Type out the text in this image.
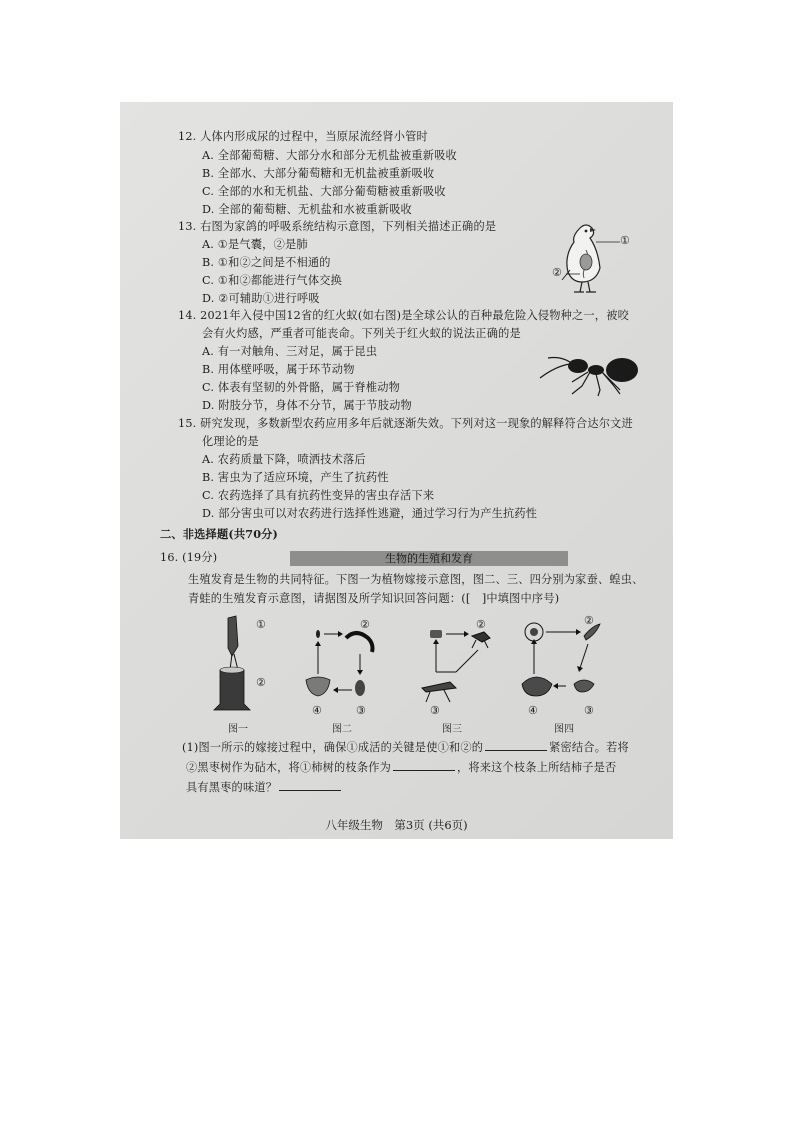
12. 人体内形成尿的过程中，当原尿流经肾小管时
A. 全部葡萄糖、大部分水和部分无机盐被重新吸收
B. 全部水、大部分葡萄糖和无机盐被重新吸收
C. 全部的水和无机盐、大部分葡萄糖被重新吸收
D. 全部的葡萄糖、无机盐和水被重新吸收
13. 右图为家鸽的呼吸系统结构示意图，下列相关描述正确的是
A. ①是气囊，②是肺
B. ①和②之间是不相通的
C. ①和②都能进行气体交换
D. ②可辅助①进行呼吸
①
②
14. 2021年入侵中国12省的红火蚁(如右图)是全球公认的百种最危险入侵物种之一，被咬
会有火灼感，严重者可能丧命。下列关于红火蚁的说法正确的是
A. 有一对触角、三对足，属于昆虫
B. 用体壁呼吸，属于环节动物
C. 体表有坚韧的外骨骼，属于脊椎动物
D. 附肢分节，身体不分节，属于节肢动物
15. 研究发现，多数新型农药应用多年后就逐渐失效。下列对这一现象的解释符合达尔文进
化理论的是
A. 农药质量下降，喷洒技术落后
B. 害虫为了适应环境，产生了抗药性
C. 农药选择了具有抗药性变异的害虫存活下来
D. 部分害虫可以对农药进行选择性逃避，通过学习行为产生抗药性
二、非选择题(共70分)
16. (19分)	生物的生殖和发育
生殖发育是生物的共同特征。下图一为植物嫁接示意图，图二、三、四分别为家蚕、蝗虫、
青蛙的生殖发育示意图，请据图及所学知识回答问题：([　]中填图中序号)
①
②
图一
②
④	③
图二
②
③
图三
②
④	③
图四
(1)图一所示的嫁接过程中，确保①成活的关键是使①和②的	紧密结合。若将
②黑枣树作为砧木，将①柿树的枝条作为	，将来这个枝条上所结柿子是否
具有黑枣的味道？
八年级生物　第3页 (共6页)
